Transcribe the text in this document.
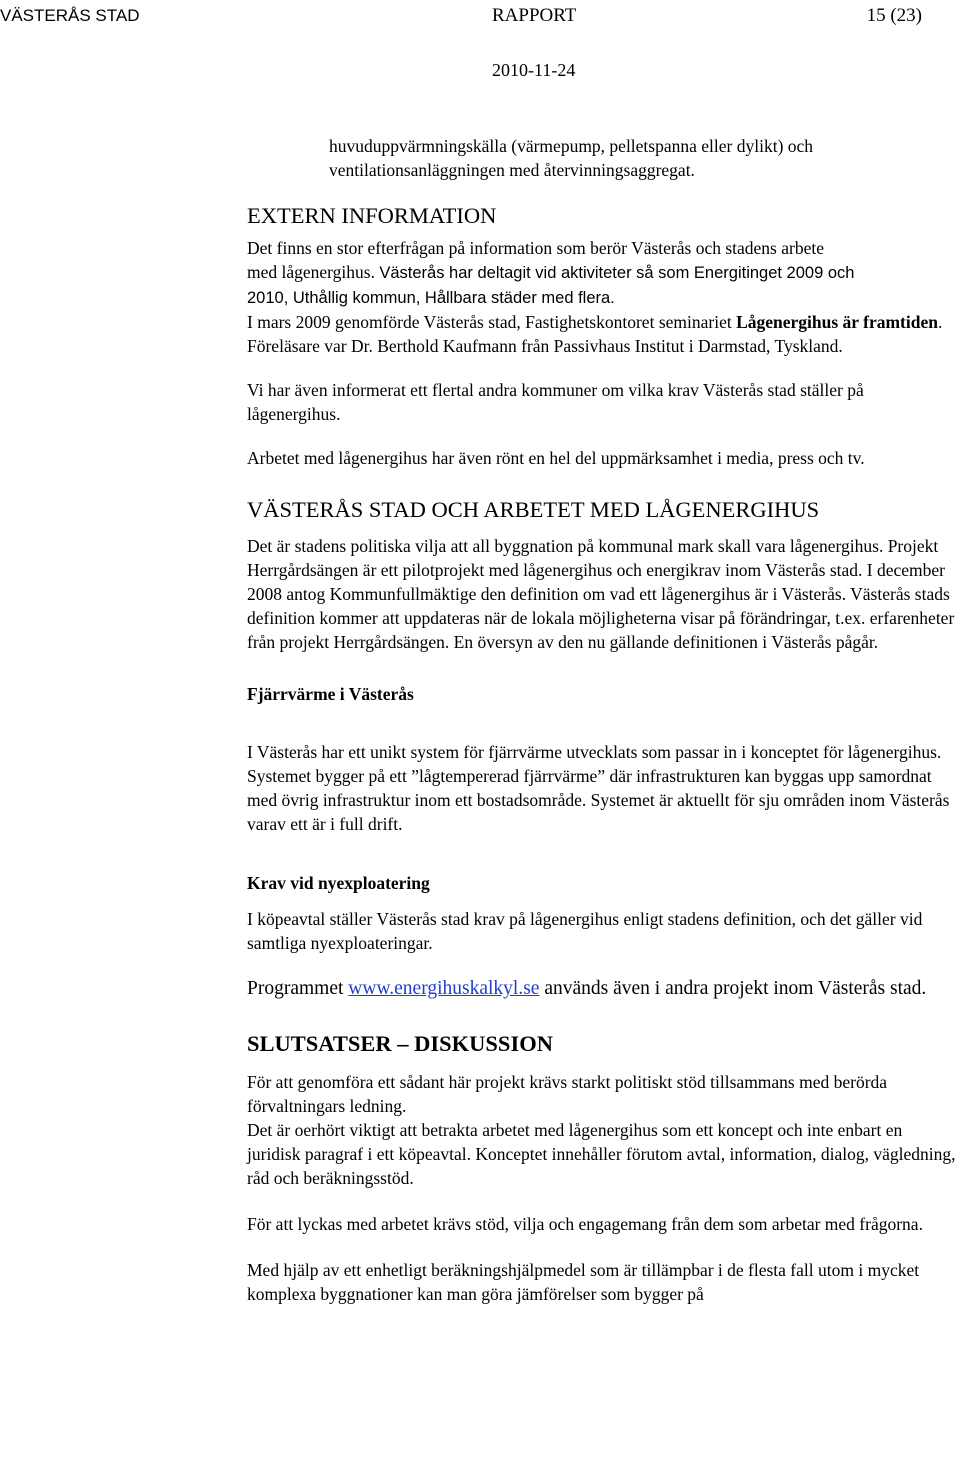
VÄSTERÅS STAD	RAPPORT	15 (23)
2010-11-24

huvuduppvärmningskälla (värmepump, pelletspanna eller dylikt) och

ventilationsanläggningen med återvinningsaggregat.

EXTERN INFORMATION

Det finns en stor efterfrågan på information som berör Västerås och stadens arbete
med lågenergihus. Västerås har deltagit vid aktiviteter så som Energitinget 2009 och
2010, Uthållig kommun, Hållbara städer med flera.

I mars 2009 genomförde Västerås stad, Fastighetskontoret seminariet Lågenergihus är framtiden. Föreläsare var Dr. Berthold Kaufmann från Passivhaus Institut i Darmstad, Tyskland.

Vi har även informerat ett flertal andra kommuner om vilka krav Västerås stad ställer på lågenergihus.

Arbetet med lågenergihus har även rönt en hel del uppmärksamhet i media, press och tv.

VÄSTERÅS STAD OCH ARBETET MED LÅGENERGIHUS

Det är stadens politiska vilja att all byggnation på kommunal mark skall vara lågenergihus. Projekt Herrgårdsängen är ett pilotprojekt med lågenergihus och energikrav inom Västerås stad. I december 2008 antog Kommunfullmäktige den definition om vad ett lågenergihus är i Västerås. Västerås stads definition kommer att uppdateras när de lokala möjligheterna visar på förändringar, t.ex. erfarenheter från projekt Herrgårdsängen. En översyn av den nu gällande definitionen i Västerås pågår.

Fjärrvärme i Västerås

I Västerås har ett unikt system för fjärrvärme utvecklats som passar in i konceptet för lågenergihus. Systemet bygger på ett ”lågtempererad fjärrvärme” där infrastrukturen kan byggas upp samordnat med övrig infrastruktur inom ett bostadsområde. Systemet är aktuellt för sju områden inom Västerås varav ett är i full drift.

Krav vid nyexploatering

I köpeavtal ställer Västerås stad krav på lågenergihus enligt stadens definition, och det gäller vid samtliga nyexploateringar.

Programmet www.energihuskalkyl.se används även i andra projekt inom Västerås stad.

SLUTSATSER – DISKUSSION

För att genomföra ett sådant här projekt krävs starkt politiskt stöd tillsammans med berörda förvaltningars ledning.

Det är oerhört viktigt att betrakta arbetet med lågenergihus som ett koncept och inte enbart en juridisk paragraf i ett köpeavtal. Konceptet innehåller förutom avtal, information, dialog, vägledning, råd och beräkningsstöd.

För att lyckas med arbetet krävs stöd, vilja och engagemang från dem som arbetar med frågorna.

Med hjälp av ett enhetligt beräkningshjälpmedel som är tillämpbar i de flesta fall utom i mycket komplexa byggnationer kan man göra jämförelser som bygger på
